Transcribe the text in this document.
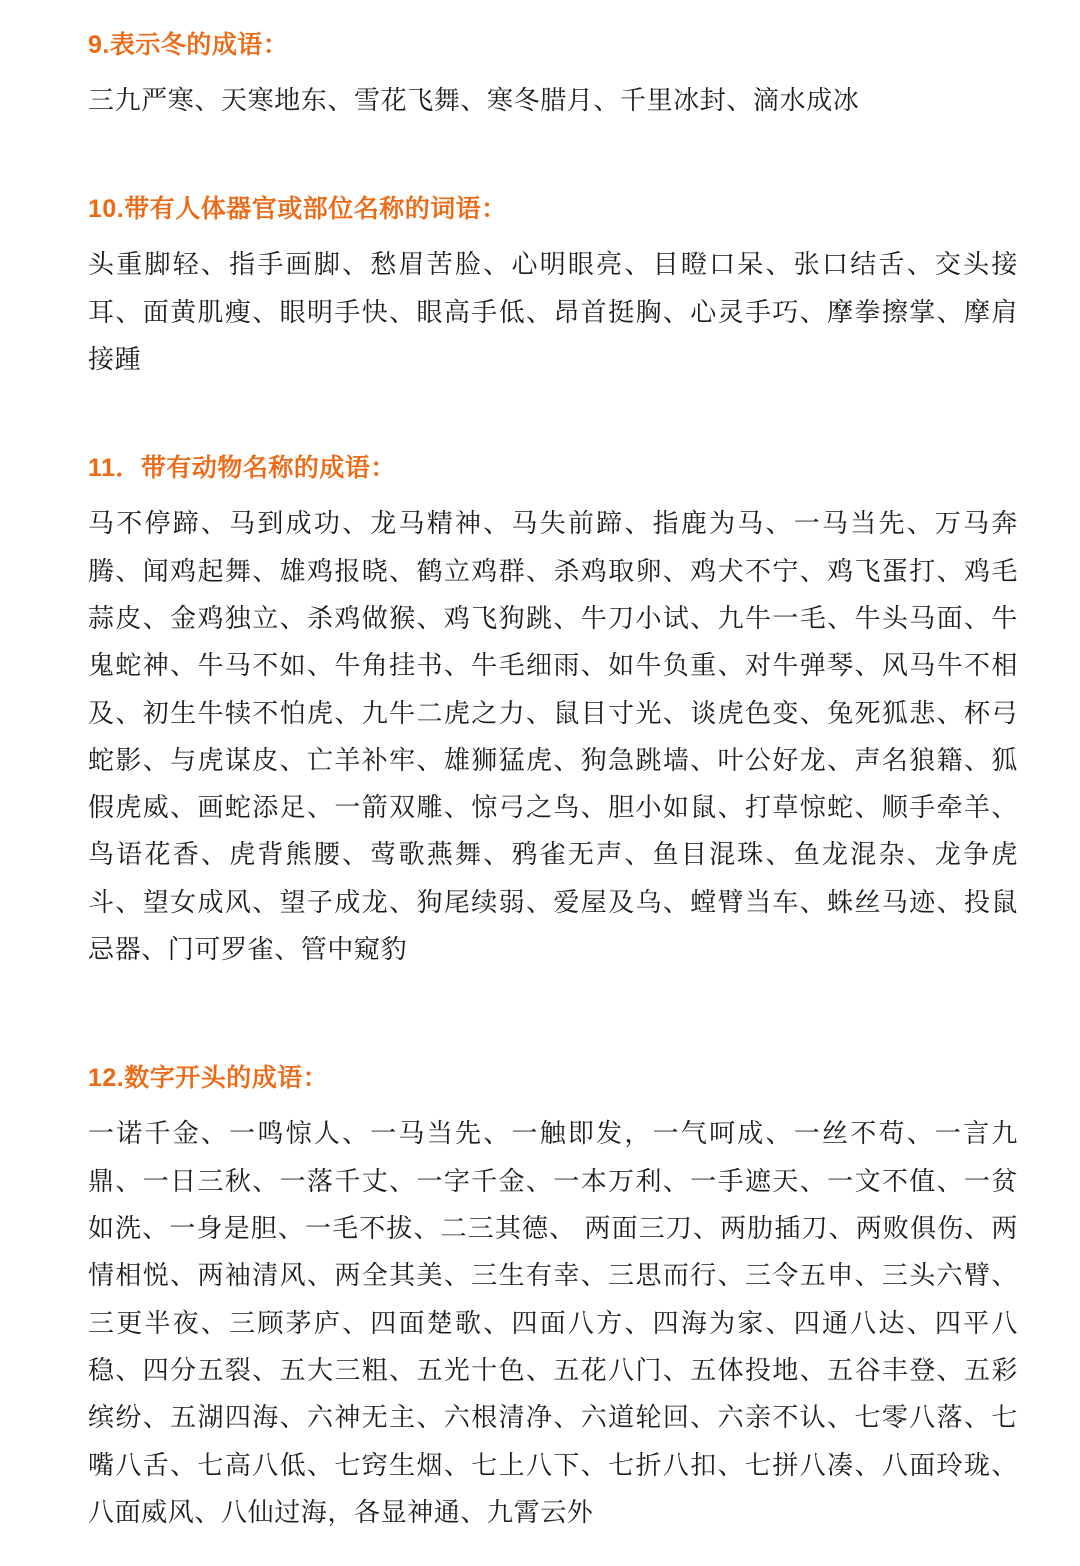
9.表示冬的成语：

三九严寒、天寒地东、雪花飞舞、寒冬腊月、千里冰封、滴水成冰

10.带有人体器官或部位名称的词语：

头重脚轻、指手画脚、愁眉苦脸、心明眼亮、目瞪口呆、张口结舌、交头接耳、面黄肌瘦、眼明手快、眼高手低、昂首挺胸、心灵手巧、摩拳擦掌、摩肩接踵

11．带有动物名称的成语：

马不停蹄、马到成功、龙马精神、马失前蹄、指鹿为马、一马当先、万马奔腾、闻鸡起舞、雄鸡报晓、鹤立鸡群、杀鸡取卵、鸡犬不宁、鸡飞蛋打、鸡毛蒜皮、金鸡独立、杀鸡做猴、鸡飞狗跳、牛刀小试、九牛一毛、牛头马面、牛鬼蛇神、牛马不如、牛角挂书、牛毛细雨、如牛负重、对牛弹琴、风马牛不相及、初生牛犊不怕虎、九牛二虎之力、鼠目寸光、谈虎色变、兔死狐悲、杯弓蛇影、与虎谋皮、亡羊补牢、雄狮猛虎、狗急跳墙、叶公好龙、声名狼籍、狐假虎威、画蛇添足、一箭双雕、惊弓之鸟、胆小如鼠、打草惊蛇、顺手牵羊、鸟语花香、虎背熊腰、莺歌燕舞、鸦雀无声、鱼目混珠、鱼龙混杂、龙争虎斗、望女成风、望子成龙、狗尾续弱、爱屋及乌、螳臂当车、蛛丝马迹、投鼠忌器、门可罗雀、管中窥豹

12.数字开头的成语：

一诺千金、一鸣惊人、一马当先、一触即发，一气呵成、一丝不苟、一言九鼎、一日三秋、一落千丈、一字千金、一本万利、一手遮天、一文不值、一贫如洗、一身是胆、一毛不拔、二三其德、 两面三刀、两肋插刀、两败俱伤、两情相悦、两袖清风、两全其美、三生有幸、三思而行、三令五申、三头六臂、三更半夜、三顾茅庐、四面楚歌、四面八方、四海为家、四通八达、四平八稳、四分五裂、五大三粗、五光十色、五花八门、五体投地、五谷丰登、五彩缤纷、五湖四海、六神无主、六根清净、六道轮回、六亲不认、七零八落、七嘴八舌、七高八低、七窍生烟、七上八下、七折八扣、七拼八凑、八面玲珑、八面威风、八仙过海，各显神通、九霄云外
